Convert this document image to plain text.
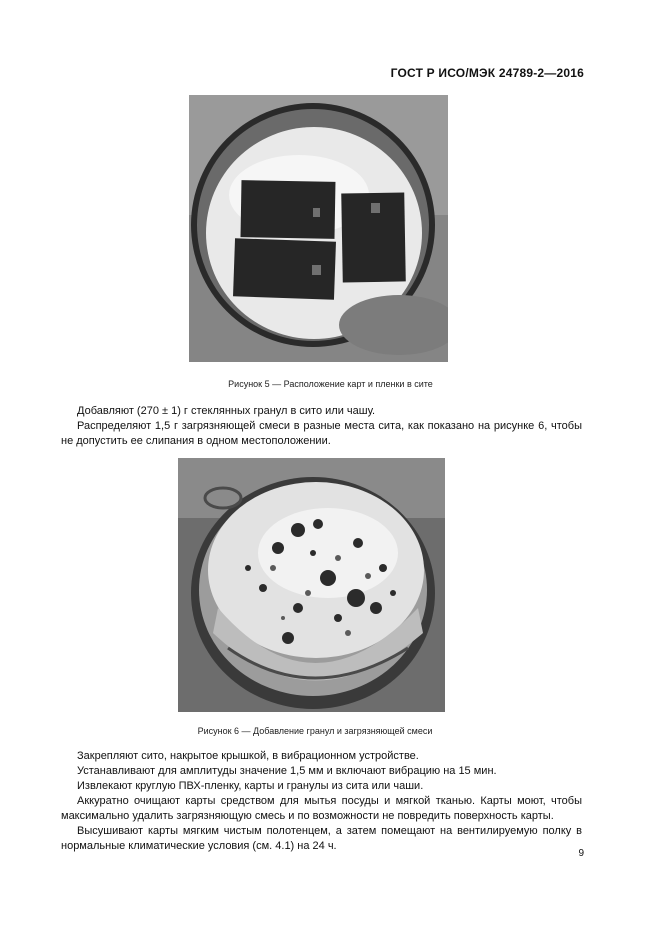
ГОСТ Р ИСО/МЭК 24789-2—2016
Рисунок 5 — Расположение карт и пленки в сите
Добавляют (270 ± 1) г стеклянных гранул в сито или чашу.
Распределяют 1,5 г загрязняющей смеси в разные места сита, как показано на рисунке 6, чтобы не допустить ее слипания в одном местоположении.
Рисунок 6 — Добавление гранул и загрязняющей смеси
Закрепляют сито, накрытое крышкой, в вибрационном устройстве.
Устанавливают для амплитуды значение 1,5 мм и включают вибрацию на 15 мин.
Извлекают круглую ПВХ-пленку, карты и гранулы из сита или чаши.
Аккуратно очищают карты средством для мытья посуды и мягкой тканью. Карты моют, чтобы максимально удалить загрязняющую смесь и по возможности не повредить поверхность карты.
Высушивают карты мягким чистым полотенцем, а затем помещают на вентилируемую полку в нормальные климатические условия (см. 4.1) на 24 ч.
9
